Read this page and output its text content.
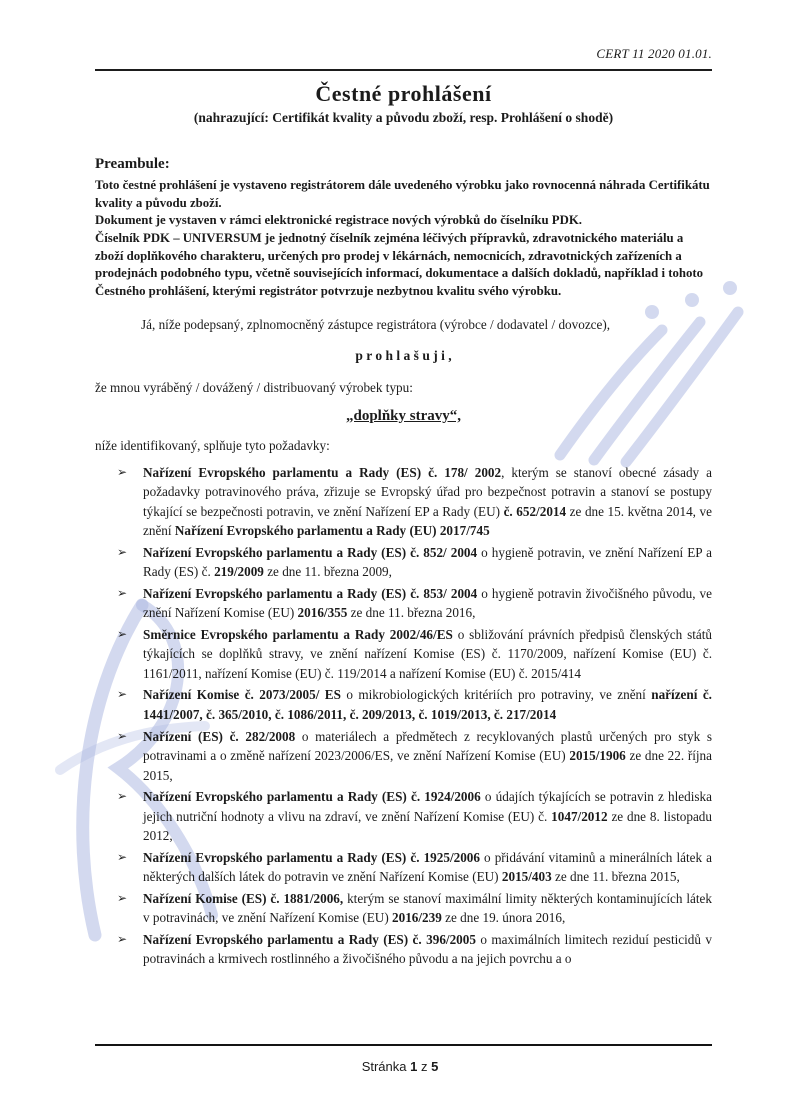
CERT 11 2020 01.01.
Čestné prohlášení
(nahrazující: Certifikát kvality a původu zboží, resp. Prohlášení o shodě)
Preambule:

Toto čestné prohlášení je vystaveno registrátorem dále uvedeného výrobku jako rovnocenná náhrada Certifikátu kvality a původu zboží.

Dokument je vystaven v rámci elektronické registrace nových výrobků do číselníku PDK.

Číselník PDK – UNIVERSUM je jednotný číselník zejména léčivých přípravků, zdravotnického materiálu a zboží doplňkového charakteru, určených pro prodej v lékárnách, nemocnicích, zdravotnických zařízeních a prodejnách podobného typu, včetně souvisejících informací, dokumentace a dalších dokladů, například i tohoto Čestného prohlášení, kterými registrátor potvrzuje nezbytnou kvalitu svého výrobku.

Já, níže podepsaný, zplnomocněný zástupce registrátora (výrobce / dodavatel / dovozce),

p r o h l a š u j i ,

že mnou vyráběný / dovážený / distribuovaný výrobek typu:

„doplňky stravy“,

níže identifikovaný, splňuje tyto požadavky:

➢	Nařízení Evropského parlamentu a Rady (ES) č. 178/ 2002, kterým se stanoví obecné zásady a požadavky potravinového práva, zřizuje se Evropský úřad pro bezpečnost potravin a stanoví se postupy týkající se bezpečnosti potravin, ve znění Nařízení EP a Rady (EU) č. 652/2014 ze dne 15. května 2014, ve znění Nařízení Evropského parlamentu a Rady (EU) 2017/745
➢	Nařízení Evropského parlamentu a Rady (ES) č. 852/ 2004 o hygieně potravin, ve znění Nařízení EP a Rady (ES) č. 219/2009 ze dne 11. března 2009,
➢	Nařízení Evropského parlamentu a Rady (ES) č. 853/ 2004 o hygieně potravin živočišného původu, ve znění Nařízení Komise (EU) 2016/355 ze dne 11. března 2016,
➢	Směrnice Evropského parlamentu a Rady 2002/46/ES o sbližování právních předpisů členských států týkajících se doplňků stravy, ve znění nařízení Komise (ES) č. 1170/2009, nařízení Komise (EU) č. 1161/2011, nařízení Komise (EU) č. 119/2014 a nařízení Komise (EU) č. 2015/414
➢	Nařízení Komise č. 2073/2005/ ES o mikrobiologických kritériích pro potraviny, ve znění nařízení č. 1441/2007, č. 365/2010, č. 1086/2011, č. 209/2013, č. 1019/2013, č. 217/2014
➢	Nařízení (ES) č. 282/2008 o materiálech a předmětech z recyklovaných plastů určených pro styk s potravinami a o změně nařízení 2023/2006/ES, ve znění Nařízení Komise (EU) 2015/1906 ze dne 22. října 2015,
➢	Nařízení Evropského parlamentu a Rady (ES) č. 1924/2006 o údajích týkajících se potravin z hlediska jejich nutriční hodnoty a vlivu na zdraví, ve znění Nařízení Komise (EU) č. 1047/2012 ze dne 8. listopadu 2012,
➢	Nařízení Evropského parlamentu a Rady (ES) č. 1925/2006 o přidávání vitaminů a minerálních látek a některých dalších látek do potravin ve znění Nařízení Komise (EU) 2015/403 ze dne 11. března 2015,
➢	Nařízení Komise (ES) č. 1881/2006, kterým se stanoví maximální limity některých kontaminujících látek v potravinách, ve znění Nařízení Komise (EU) 2016/239 ze dne 19. února 2016,
➢	Nařízení Evropského parlamentu a Rady (ES) č. 396/2005 o maximálních limitech reziduí pesticidů v potravinách a krmivech rostlinného a živočišného původu a na jejich povrchu a o
Stránka 1 z 5
